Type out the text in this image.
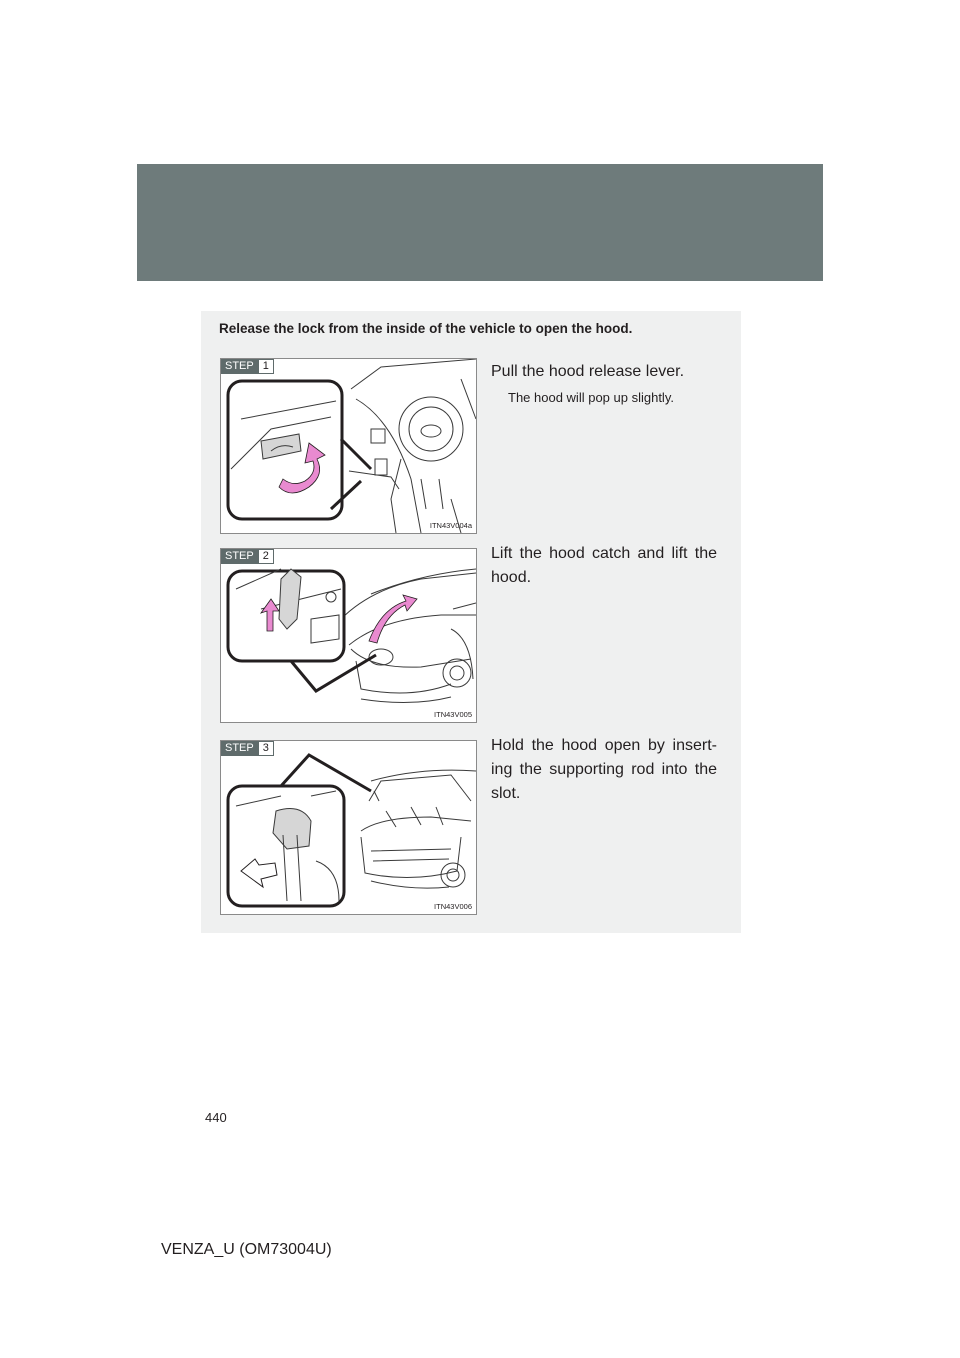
Release the lock from the inside of the vehicle to open the hood.

STEP 1
ITN43V004a

Pull the hood release lever.

The hood will pop up slightly.

STEP 2
ITN43V005

Lift the hood catch and lift the hood.

STEP 3
ITN43V006

Hold the hood open by insert-ing the supporting rod into the slot.

440

VENZA_U (OM73004U)
